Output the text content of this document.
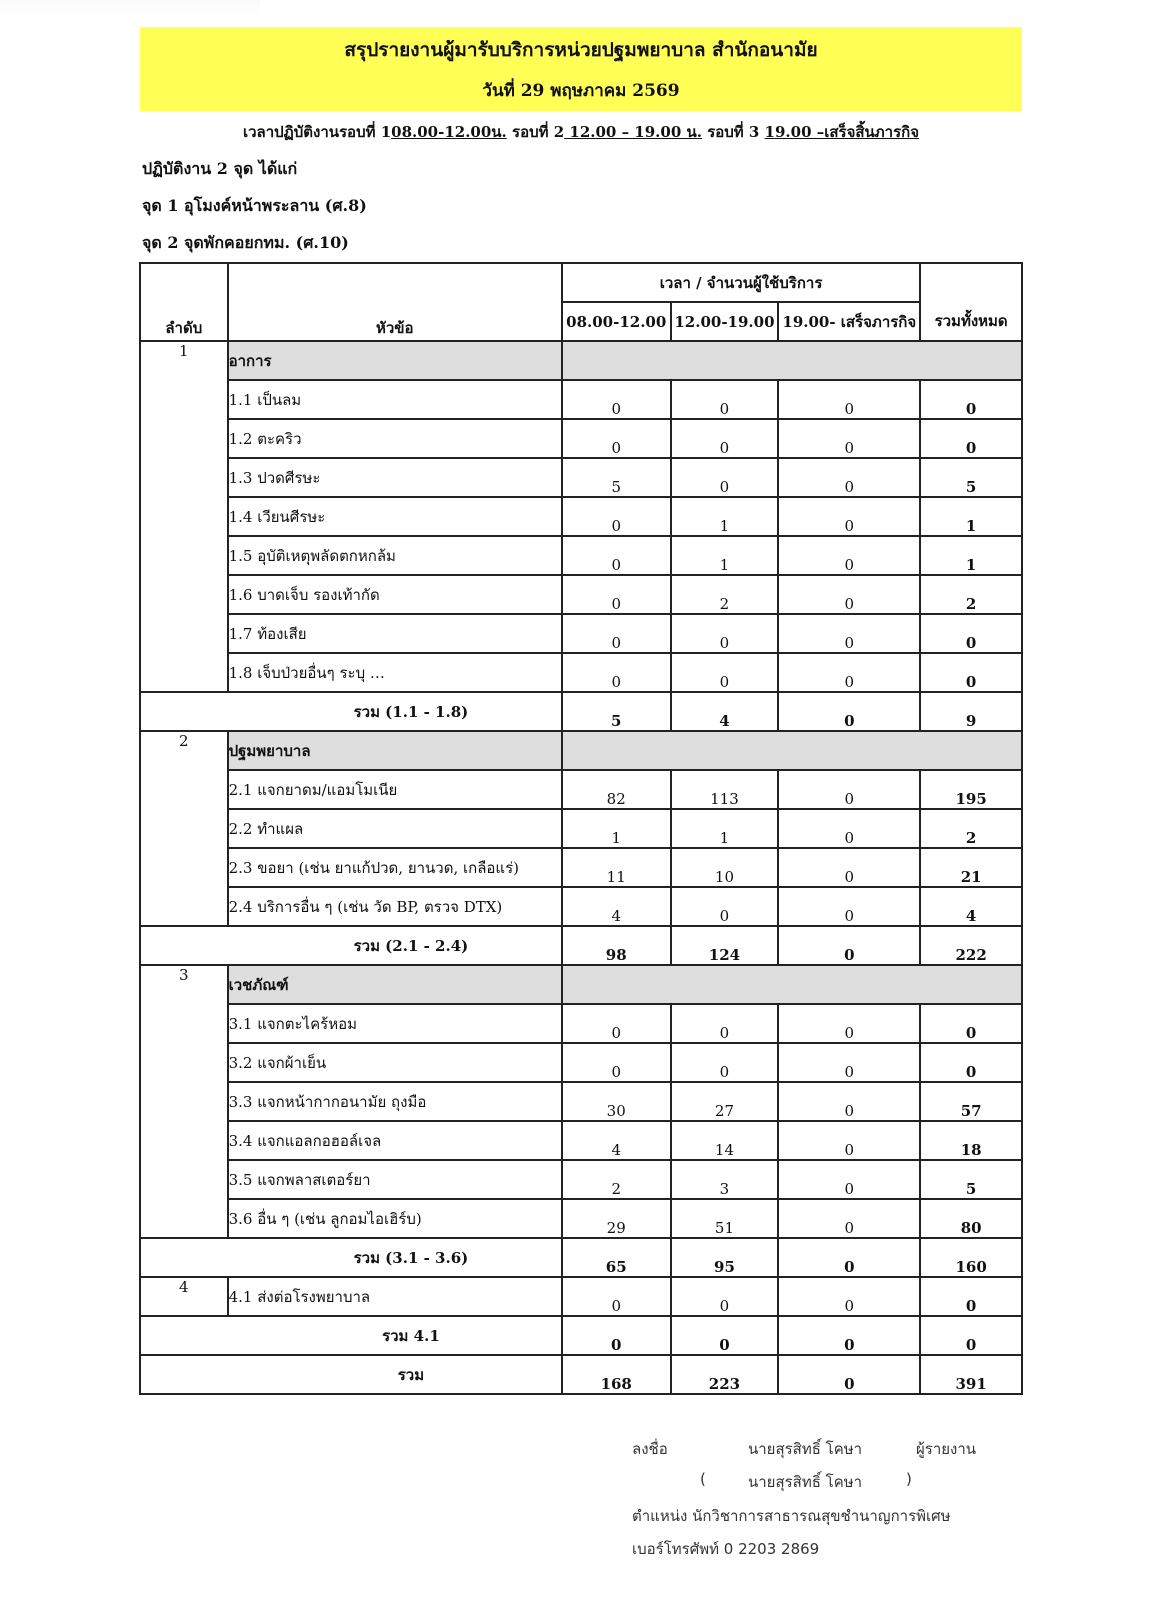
สรุปรายงานผู้มารับบริการหน่วยปฐมพยาบาล สำนักอนามัย
วันที่ 29 พฤษภาคม 2569
เวลาปฏิบัติงานรอบที่ 108.00-12.00น. รอบที่ 2 12.00 – 19.00 น. รอบที่ 3 19.00 –เสร็จสิ้นภารกิจ
ปฏิบัติงาน 2 จุด ได้แก่
จุด 1 อุโมงค์หน้าพระลาน (ศ.8)
จุด 2 จุดพักคอยกทม. (ศ.10)
ลำดับ	หัวข้อ	เวลา / จำนวนผู้ใช้บริการ			รวมทั้งหมด
		08.00-12.00	12.00-19.00	19.00- เสร็จภารกิจ	
1	อาการ				
	1.1 เป็นลม	0	0	0	0
	1.2 ตะคริว	0	0	0	0
	1.3 ปวดศีรษะ	5	0	0	5
	1.4 เวียนศีรษะ	0	1	0	1
	1.5 อุบัติเหตุพลัดตกหกล้ม	0	1	0	1
	1.6 บาดเจ็บ รองเท้ากัด	0	2	0	2
	1.7 ท้องเสีย	0	0	0	0
	1.8 เจ็บป่วยอื่นๆ ระบุ …	0	0	0	0
รวม (1.1 - 1.8)		5	4	0	9
2	ปฐมพยาบาล				
	2.1 แจกยาดม/แอมโมเนีย	82	113	0	195
	2.2 ทำแผล	1	1	0	2
	2.3 ขอยา (เช่น ยาแก้ปวด, ยานวด, เกลือแร่)	11	10	0	21
	2.4 บริการอื่น ๆ (เช่น วัด BP, ตรวจ DTX)	4	0	0	4
รวม (2.1 - 2.4)		98	124	0	222
3	เวชภัณฑ์				
	3.1 แจกตะไคร้หอม	0	0	0	0
	3.2 แจกผ้าเย็น	0	0	0	0
	3.3 แจกหน้ากากอนามัย ถุงมือ	30	27	0	57
	3.4 แจกแอลกอฮอล์เจล	4	14	0	18
	3.5 แจกพลาสเตอร์ยา	2	3	0	5
	3.6 อื่น ๆ (เช่น ลูกอมไอเฮิร์บ)	29	51	0	80
รวม (3.1 - 3.6)		65	95	0	160
4	4.1 ส่งต่อโรงพยาบาล	0	0	0	0
รวม 4.1		0	0	0	0
รวม		168	223	0	391
ลงชื่อ	นายสุรสิทธิ์ โคษา	ผู้รายงาน
(	นายสุรสิทธิ์ โคษา	)
ตำแหน่ง นักวิชาการสาธารณสุขชำนาญการพิเศษ
เบอร์โทรศัพท์ 0 2203 2869
